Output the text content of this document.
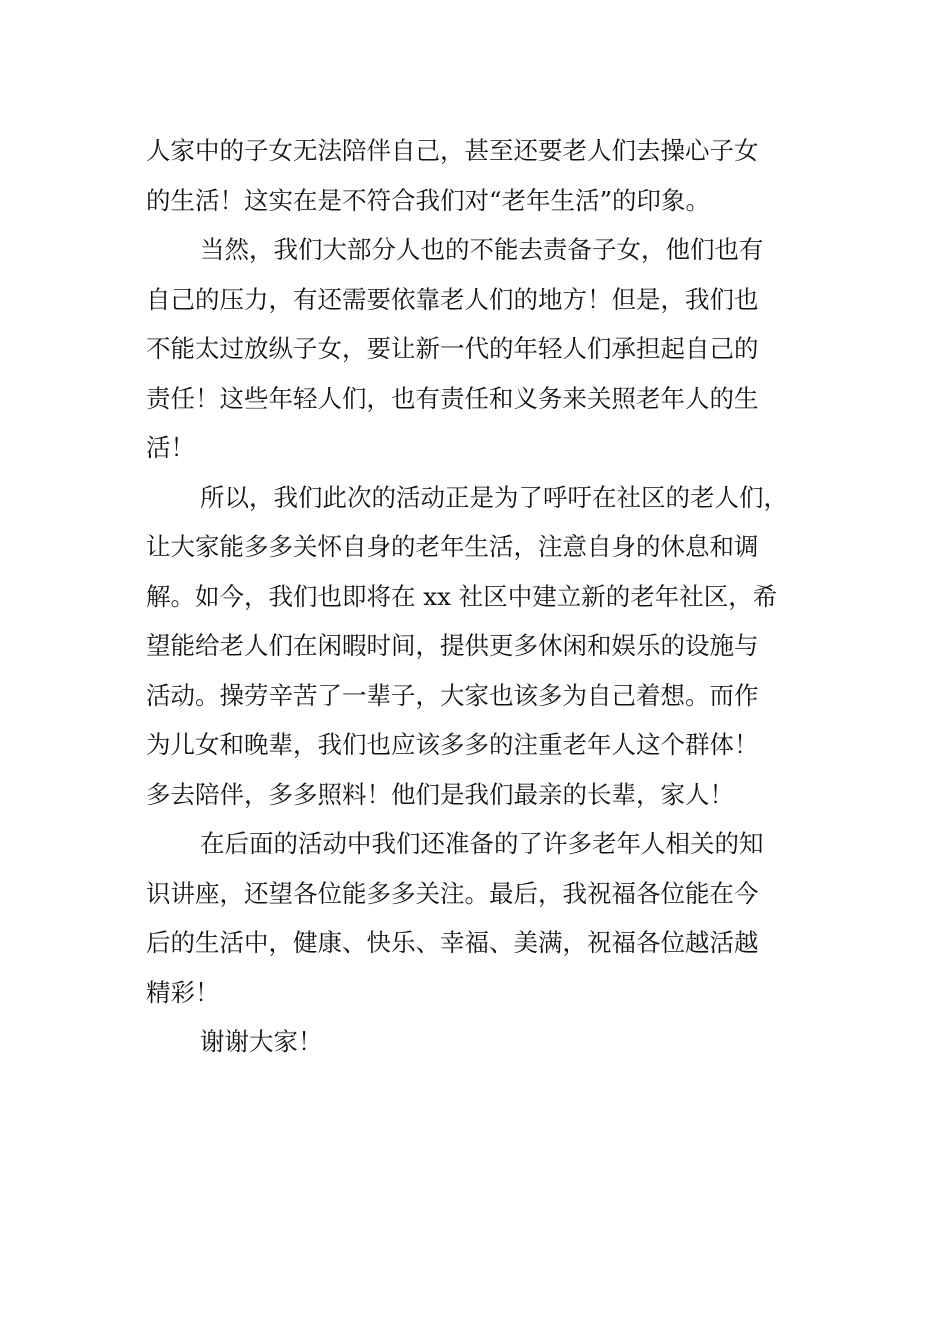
人家中的子女无法陪伴自己，甚至还要老人们去操心子女
的生活！这实在是不符合我们对“老年生活”的印象。
当然，我们大部分人也的不能去责备子女，他们也有
自己的压力，有还需要依靠老人们的地方！但是，我们也
不能太过放纵子女，要让新一代的年轻人们承担起自己的
责任！这些年轻人们，也有责任和义务来关照老年人的生
活！
所以，我们此次的活动正是为了呼吁在社区的老人们，
让大家能多多关怀自身的老年生活，注意自身的休息和调
解。如今，我们也即将在 xx 社区中建立新的老年社区，希
望能给老人们在闲暇时间，提供更多休闲和娱乐的设施与
活动。操劳辛苦了一辈子，大家也该多为自己着想。而作
为儿女和晚辈，我们也应该多多的注重老年人这个群体！
多去陪伴，多多照料！他们是我们最亲的长辈，家人！
在后面的活动中我们还准备的了许多老年人相关的知
识讲座，还望各位能多多关注。最后，我祝福各位能在今
后的生活中，健康、快乐、幸福、美满，祝福各位越活越
精彩！
谢谢大家！
